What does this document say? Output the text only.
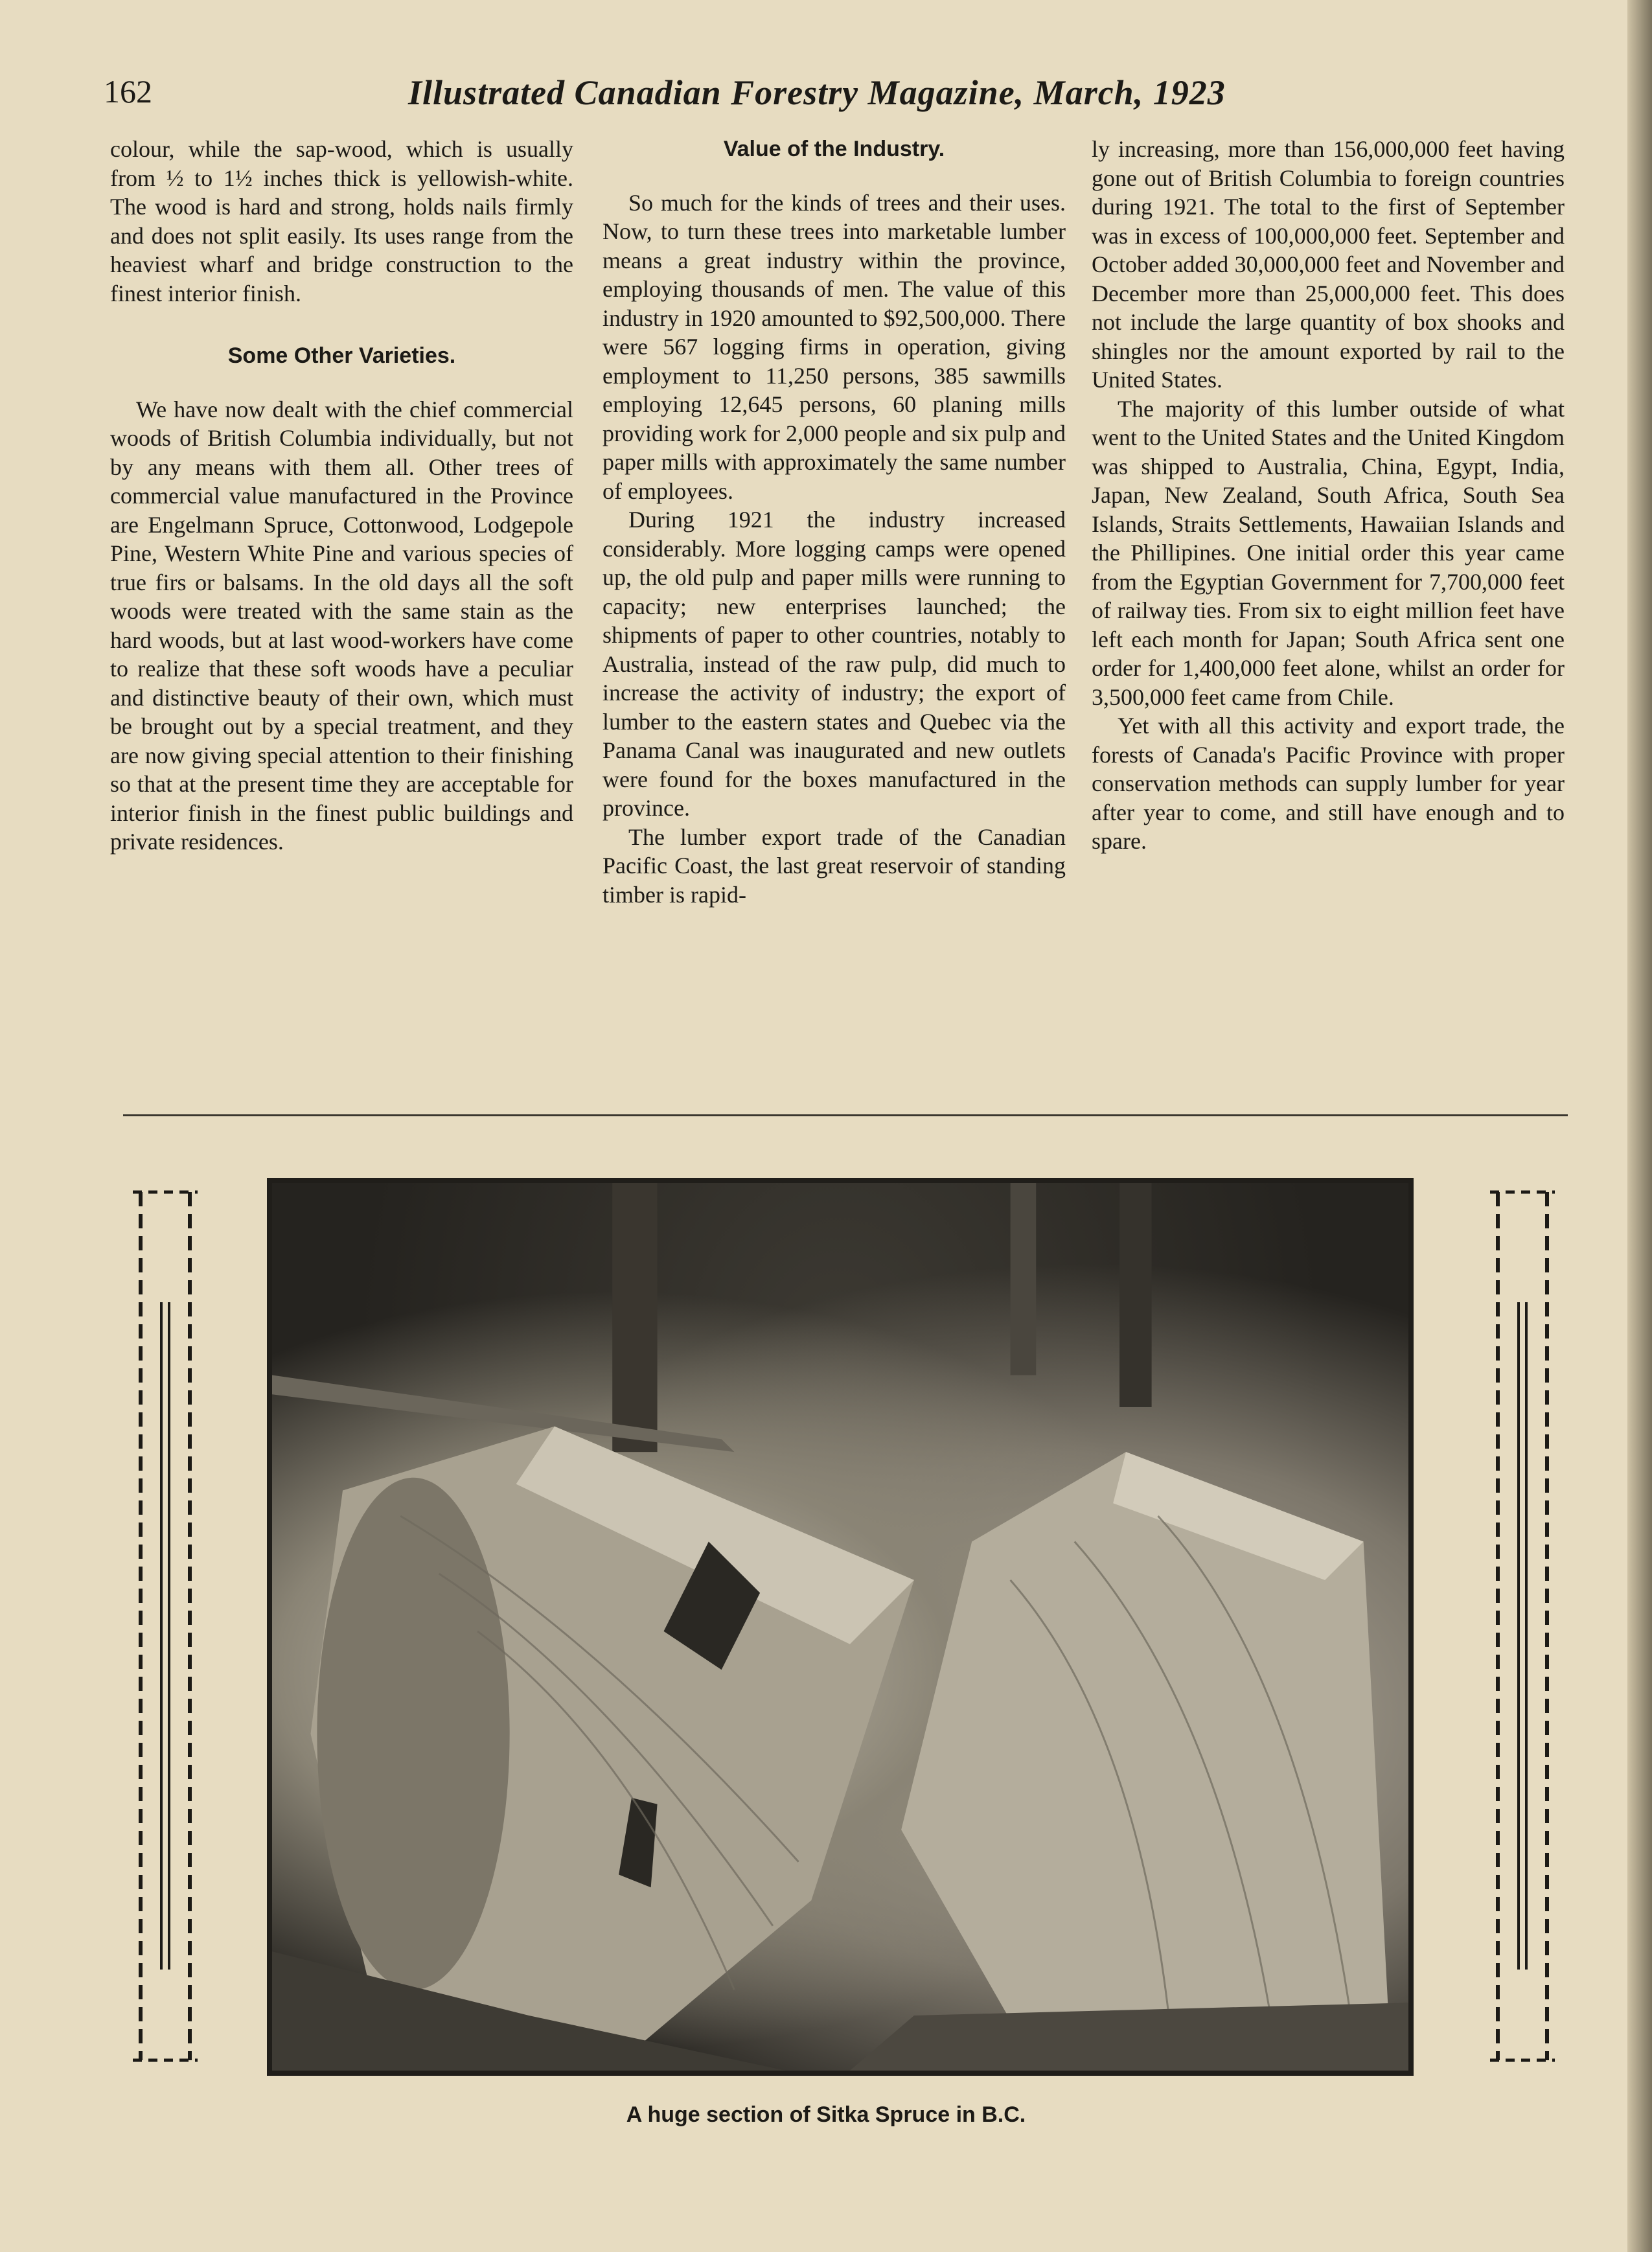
162	Illustrated Canadian Forestry Magazine, March, 1923

colour, while the sap-wood, which is usually from ½ to 1½ inches thick is yellowish-white. The wood is hard and strong, holds nails firmly and does not split easily. Its uses range from the heaviest wharf and bridge construction to the finest interior finish.

Some Other Varieties.

We have now dealt with the chief commercial woods of British Columbia individually, but not by any means with them all. Other trees of commercial value manufactured in the Province are Engelmann Spruce, Cottonwood, Lodgepole Pine, Western White Pine and various species of true firs or balsams. In the old days all the soft woods were treated with the same stain as the hard woods, but at last wood-workers have come to realize that these soft woods have a peculiar and distinctive beauty of their own, which must be brought out by a special treatment, and they are now giving special attention to their finishing so that at the present time they are acceptable for interior finish in the finest public buildings and private residences.

Value of the Industry.

So much for the kinds of trees and their uses. Now, to turn these trees into marketable lumber means a great industry within the province, employing thousands of men. The value of this industry in 1920 amounted to $92,500,000. There were 567 logging firms in operation, giving employment to 11,250 persons, 385 sawmills employing 12,645 persons, 60 planing mills providing work for 2,000 people and six pulp and paper mills with approximately the same number of employees.

During 1921 the industry increased considerably. More logging camps were opened up, the old pulp and paper mills were running to capacity; new enterprises launched; the shipments of paper to other countries, notably to Australia, instead of the raw pulp, did much to increase the activity of industry; the export of lumber to the eastern states and Quebec via the Panama Canal was inaugurated and new outlets were found for the boxes manufactured in the province.

The lumber export trade of the Canadian Pacific Coast, the last great reservoir of standing timber is rapid-

ly increasing, more than 156,000,000 feet having gone out of British Columbia to foreign countries during 1921. The total to the first of September was in excess of 100,000,000 feet. September and October added 30,000,000 feet and November and December more than 25,000,000 feet. This does not include the large quantity of box shooks and shingles nor the amount exported by rail to the United States.

The majority of this lumber outside of what went to the United States and the United Kingdom was shipped to Australia, China, Egypt, India, Japan, New Zealand, South Africa, South Sea Islands, Straits Settlements, Hawaiian Islands and the Phillipines. One initial order this year came from the Egyptian Government for 7,700,000 feet of railway ties. From six to eight million feet have left each month for Japan; South Africa sent one order for 1,400,000 feet alone, whilst an order for 3,500,000 feet came from Chile.

Yet with all this activity and export trade, the forests of Canada's Pacific Province with proper conservation methods can supply lumber for year after year to come, and still have enough and to spare.

A huge section of Sitka Spruce in B.C.
